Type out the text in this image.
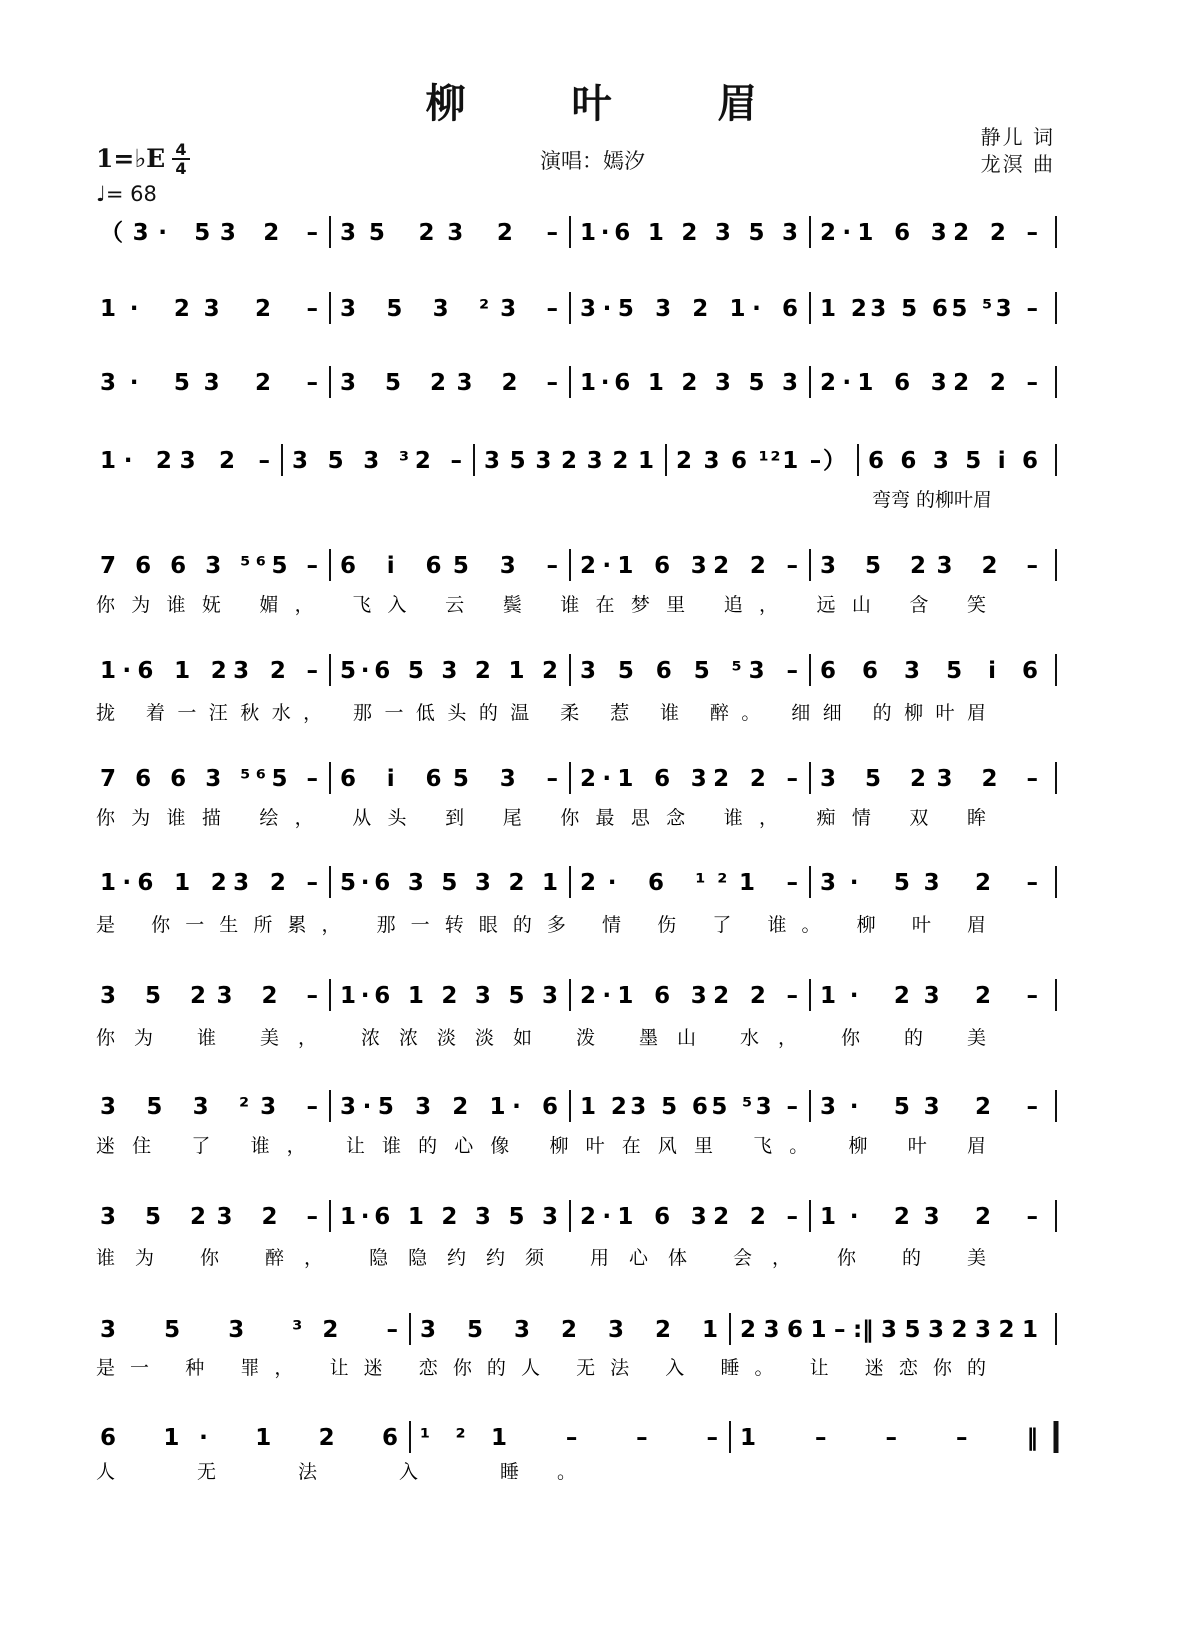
柳 叶 眉
静儿 词
龙溟 曲
演唱：嫣汐
1=♭E 4
4
♩= 68
（3· 53 2 – 35 23 2 – 1·6 1 2 3 5 3 2·1 6 32 2 –
1· 23 2 – 3 5 3 ²3 – 3·5 3 2 1· 6 1 23 5 65 ⁵3 –
3· 53 2 – 3 5 23 2 – 1·6 1 2 3 5 3 2·1 6 32 2 –
1· 23 2 – 3 5 3 ³2 – 3 5 3 2 3 2 1 2 3 6 ¹²1 –） 6 6 3 5 i 6
弯弯 的柳叶眉
7 6 6 3 ⁵⁶5 – 6 i 65 3 – 2·1 6 32 2 – 3 5 23 2 –
你为谁妩 媚， 飞入 云 鬓 谁在梦里 追， 远山 含 笑
1·6 1 23 2 – 5·6 5 3 2 1 2 3 5 6 5 ⁵3 – 6 6 3 5 i 6
拢 着一汪秋水， 那一低头的温 柔 惹 谁 醉。 细细 的柳叶眉
7 6 6 3 ⁵⁶5 – 6 i 65 3 – 2·1 6 32 2 – 3 5 23 2 –
你为谁描 绘， 从头 到 尾 你最思念 谁， 痴情 双 眸
1·6 1 23 2 – 5·6 3 5 3 2 1 2· 6 ¹²1 – 3· 53 2 –
是 你一生所累， 那一转眼的多 情 伤 了 谁。 柳 叶 眉
3 5 23 2 – 1·6 1 2 3 5 3 2·1 6 32 2 – 1· 23 2 –
你为 谁 美， 浓浓淡淡如 泼 墨山 水， 你 的 美
3 5 3 ²3 – 3·5 3 2 1· 6 1 23 5 65 ⁵3 – 3· 53 2 –
迷住 了 谁， 让谁的心像 柳叶在风里 飞。 柳 叶 眉
3 5 23 2 – 1·6 1 2 3 5 3 2·1 6 32 2 – 1· 23 2 –
谁为 你 醉， 隐隐约约须 用心体 会， 你 的 美
3 5 3 ³2 – 3 5 3 2 3 2 1 2 3 6 1 – :‖ 3 5 3 2 3 2 1
是一 种 罪， 让迷 恋你的人 无法 入 睡。 让 迷恋你的
6 1· 1 2 6 ¹²1 – – – 1 – – – ‖
人 无 法 入 睡。
